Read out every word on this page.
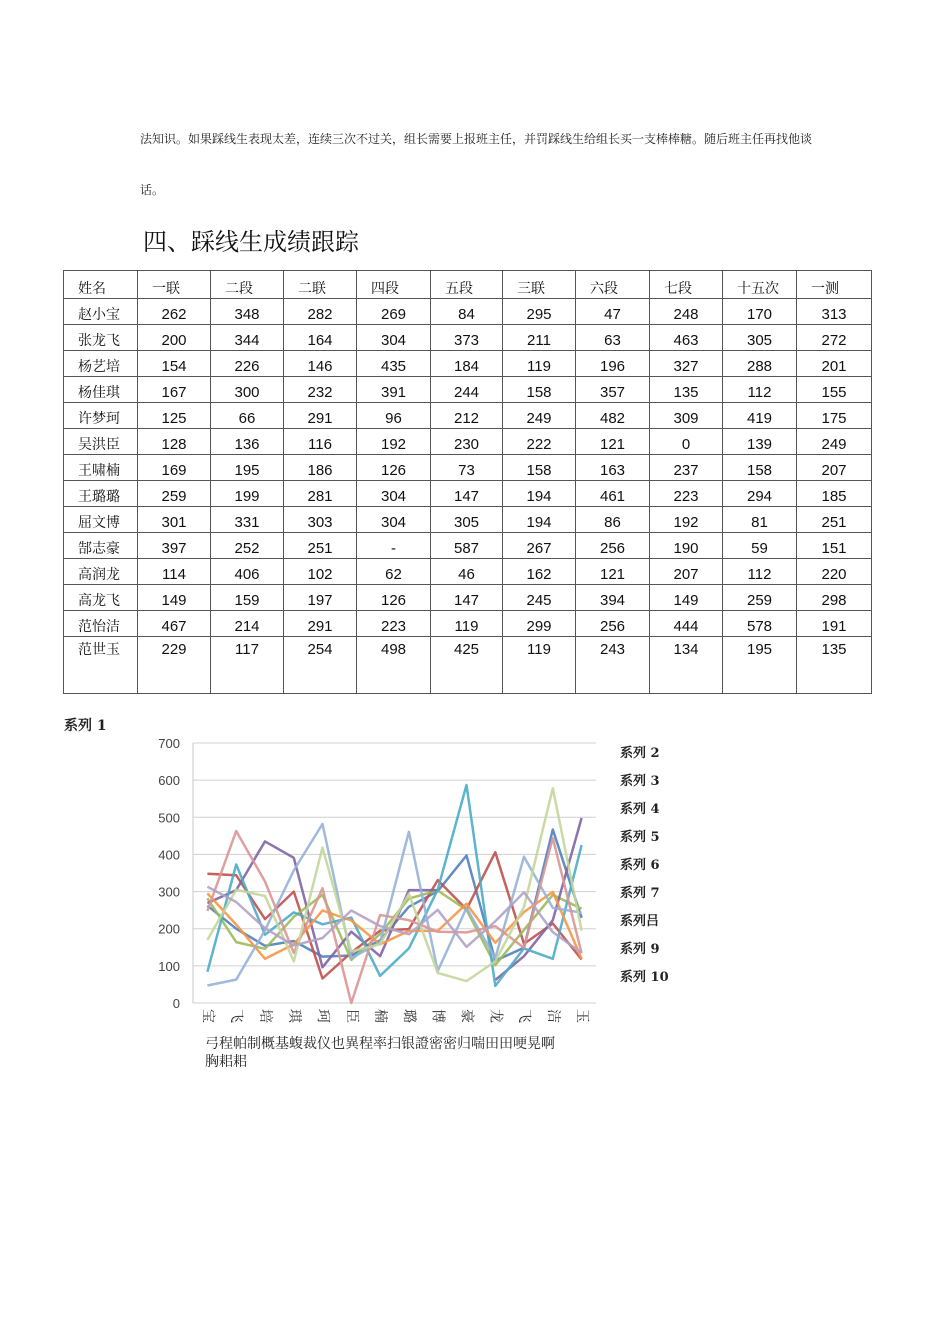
法知识。如果踩线生表现太差，连续三次不过关，组长需要上报班主任，并罚踩线生给组长买一支棒棒糖。随后班主任再找他谈

话。

四、踩线生成绩跟踪
姓名	一联	二段	二联	四段	五段	三联	六段	七段	十五次	一测
赵小宝	262	348	282	269	84	295	47	248	170	313
张龙飞	200	344	164	304	373	211	63	463	305	272
杨艺培	154	226	146	435	184	119	196	327	288	201
杨佳琪	167	300	232	391	244	158	357	135	112	155
许梦珂	125	66	291	96	212	249	482	309	419	175
吴洪臣	128	136	116	192	230	222	121	0	139	249
王啸楠	169	195	186	126	73	158	163	237	158	207
王璐璐	259	199	281	304	147	194	461	223	294	185
屈文博	301	331	303	304	305	194	86	192	81	251
郜志豪	397	252	251	-	587	267	256	190	59	151
高润龙	114	406	102	62	46	162	121	207	112	220
高龙飞	149	159	197	126	147	245	394	149	259	298
范怡洁	467	214	291	223	119	299	256	444	578	191
范世玉	229	117	254	498	425	119	243	134	195	135
系列 1
0
100
200
300
400
500
600
700
宝 飞 培 琪 珂 臣 楠 璐 博 豪 龙 飞 洁 玉
弓程帕制概基蝮裁仪也異程率扫银證密密归喘田田哽晃啊
胸耜耜
系列 2
系列 3
系列 4
系列 5
系列 6
系列 7
系列吕
系列 9
系列 10
